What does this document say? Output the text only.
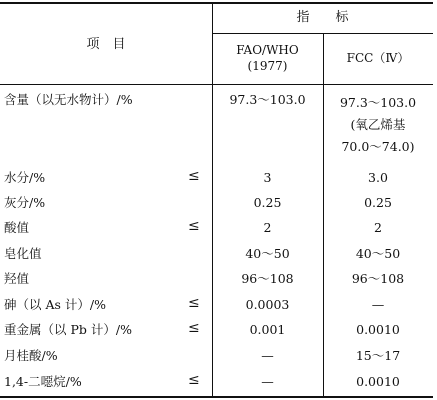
项　目
指　　标
FAO/WHO
(1977)
FCC（Ⅳ）
含量（以无水物计）/%	97.3～103.0	97.3～103.0
(氧乙烯基
70.0～74.0)
水分/%	≤	3	3.0
灰分/%	0.25	0.25
酸值	≤	2	2
皂化值	40～50	40～50
羟值	96～108	96～108
砷（以 As 计）/%	≤	0.0003	—
重金属（以 Pb 计）/%	≤	0.001	0.0010
月桂酸/%	—	15～17
1,4-二噁烷/%	≤	—	0.0010
